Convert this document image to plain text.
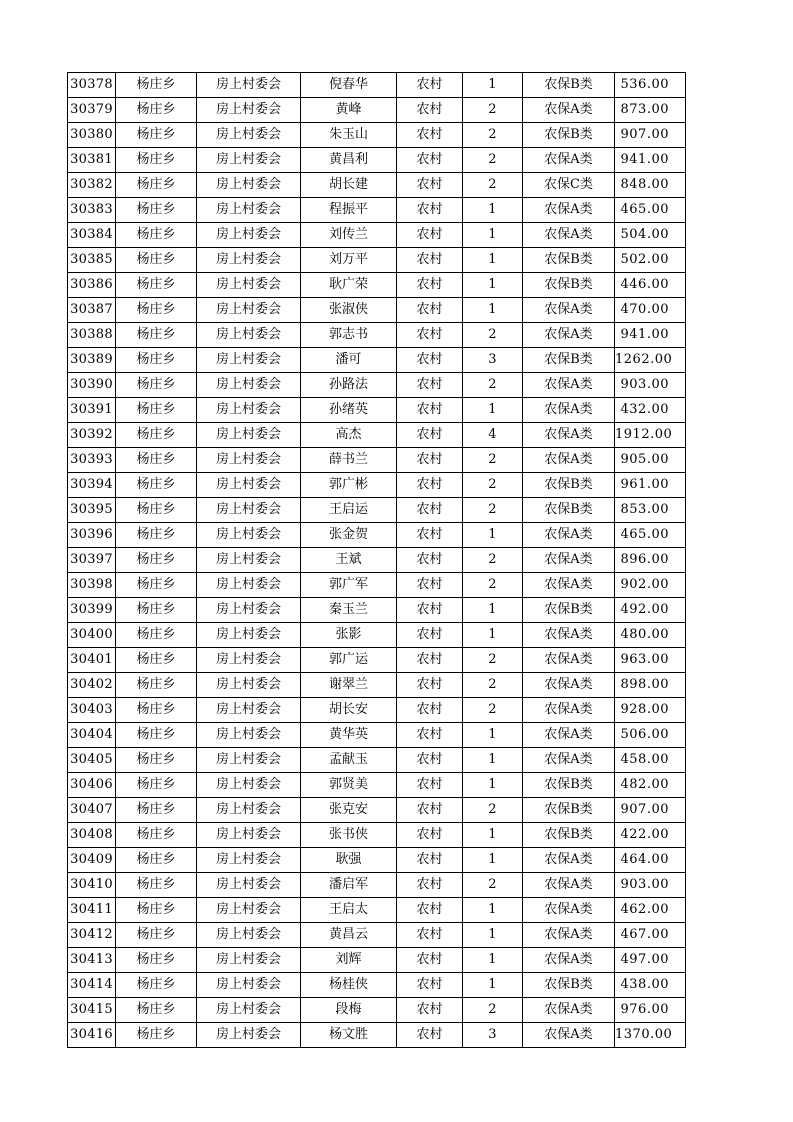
30378	杨庄乡	房上村委会	倪春华	农村	1	农保B类	536.00
30379	杨庄乡	房上村委会	黄峰	农村	2	农保A类	873.00
30380	杨庄乡	房上村委会	朱玉山	农村	2	农保B类	907.00
30381	杨庄乡	房上村委会	黄昌利	农村	2	农保A类	941.00
30382	杨庄乡	房上村委会	胡长建	农村	2	农保C类	848.00
30383	杨庄乡	房上村委会	程振平	农村	1	农保A类	465.00
30384	杨庄乡	房上村委会	刘传兰	农村	1	农保A类	504.00
30385	杨庄乡	房上村委会	刘万平	农村	1	农保B类	502.00
30386	杨庄乡	房上村委会	耿广荣	农村	1	农保B类	446.00
30387	杨庄乡	房上村委会	张淑侠	农村	1	农保A类	470.00
30388	杨庄乡	房上村委会	郭志书	农村	2	农保A类	941.00
30389	杨庄乡	房上村委会	潘可	农村	3	农保B类	1262.00
30390	杨庄乡	房上村委会	孙路法	农村	2	农保A类	903.00
30391	杨庄乡	房上村委会	孙绪英	农村	1	农保A类	432.00
30392	杨庄乡	房上村委会	高杰	农村	4	农保A类	1912.00
30393	杨庄乡	房上村委会	薛书兰	农村	2	农保A类	905.00
30394	杨庄乡	房上村委会	郭广彬	农村	2	农保B类	961.00
30395	杨庄乡	房上村委会	王启运	农村	2	农保B类	853.00
30396	杨庄乡	房上村委会	张金贺	农村	1	农保A类	465.00
30397	杨庄乡	房上村委会	王斌	农村	2	农保A类	896.00
30398	杨庄乡	房上村委会	郭广军	农村	2	农保A类	902.00
30399	杨庄乡	房上村委会	秦玉兰	农村	1	农保B类	492.00
30400	杨庄乡	房上村委会	张影	农村	1	农保A类	480.00
30401	杨庄乡	房上村委会	郭广运	农村	2	农保A类	963.00
30402	杨庄乡	房上村委会	谢翠兰	农村	2	农保A类	898.00
30403	杨庄乡	房上村委会	胡长安	农村	2	农保A类	928.00
30404	杨庄乡	房上村委会	黄华英	农村	1	农保A类	506.00
30405	杨庄乡	房上村委会	孟献玉	农村	1	农保A类	458.00
30406	杨庄乡	房上村委会	郭贤美	农村	1	农保B类	482.00
30407	杨庄乡	房上村委会	张克安	农村	2	农保B类	907.00
30408	杨庄乡	房上村委会	张书侠	农村	1	农保B类	422.00
30409	杨庄乡	房上村委会	耿强	农村	1	农保A类	464.00
30410	杨庄乡	房上村委会	潘启军	农村	2	农保A类	903.00
30411	杨庄乡	房上村委会	王启太	农村	1	农保A类	462.00
30412	杨庄乡	房上村委会	黄昌云	农村	1	农保A类	467.00
30413	杨庄乡	房上村委会	刘辉	农村	1	农保A类	497.00
30414	杨庄乡	房上村委会	杨桂侠	农村	1	农保B类	438.00
30415	杨庄乡	房上村委会	段梅	农村	2	农保A类	976.00
30416	杨庄乡	房上村委会	杨文胜	农村	3	农保A类	1370.00
